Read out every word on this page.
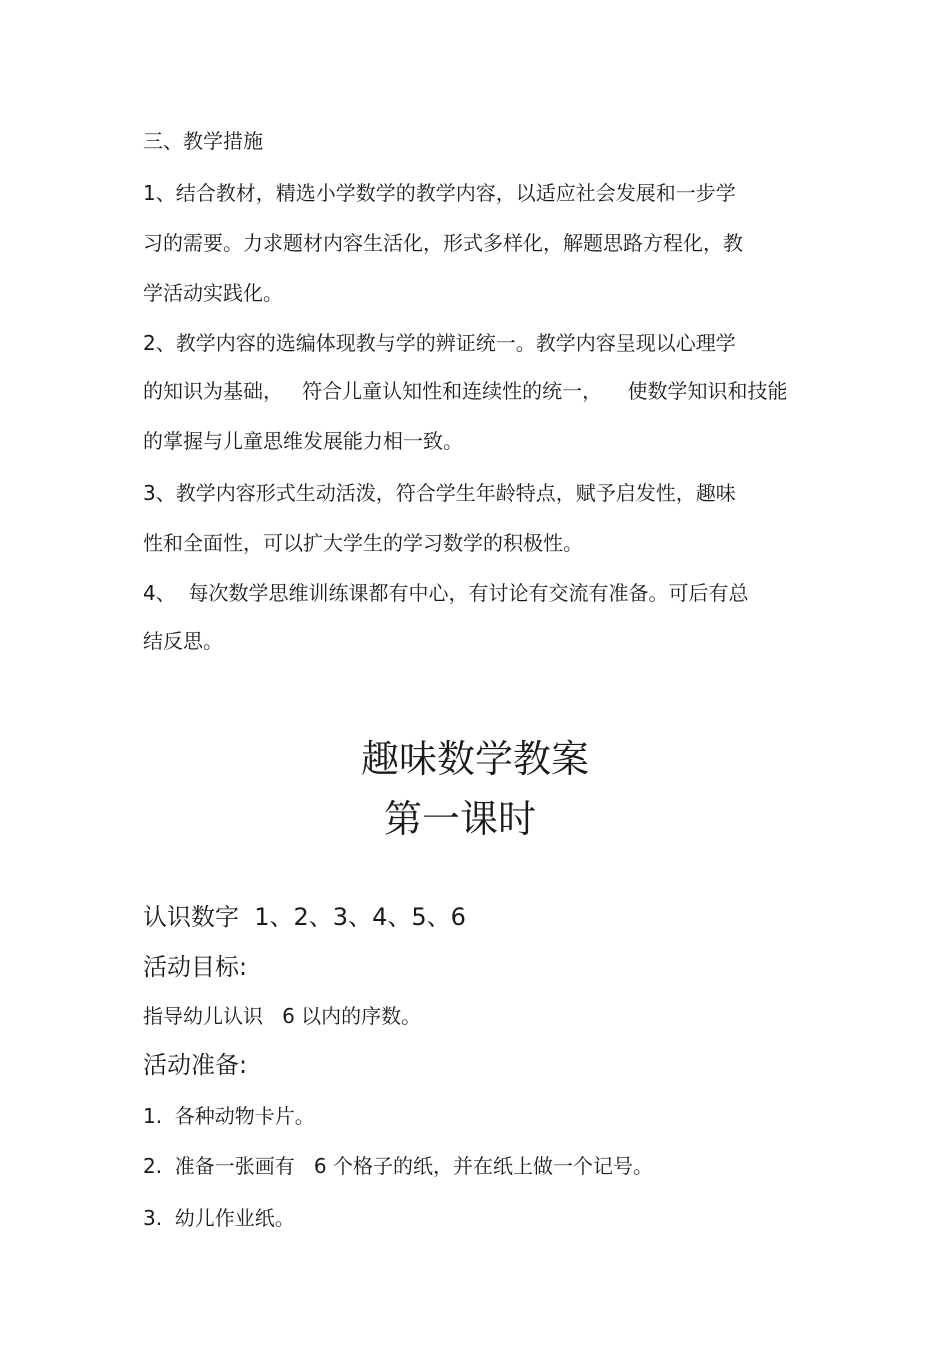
三、教学措施
1、结合教材，精选小学数学的教学内容，以适应社会发展和一步学
习的需要。力求题材内容生活化，形式多样化，解题思路方程化，教
学活动实践化。
2、教学内容的选编体现教与学的辨证统一。教学内容呈现以心理学
的知识为基础，   符合儿童认知性和连续性的统一，    使数学知识和技能
的掌握与儿童思维发展能力相一致。
3、教学内容形式生动活泼，符合学生年龄特点，赋予启发性，趣味
性和全面性，可以扩大学生的学习数学的积极性。
4、  每次数学思维训练课都有中心，有讨论有交流有准备。可后有总
结反思。
趣味数学教案
第一课时
认识数字  1、2、3、4、5、6
活动目标:
指导幼儿认识   6 以内的序数。
活动准备:
1.  各种动物卡片。
2.  准备一张画有   6 个格子的纸，并在纸上做一个记号。
3.  幼儿作业纸。
